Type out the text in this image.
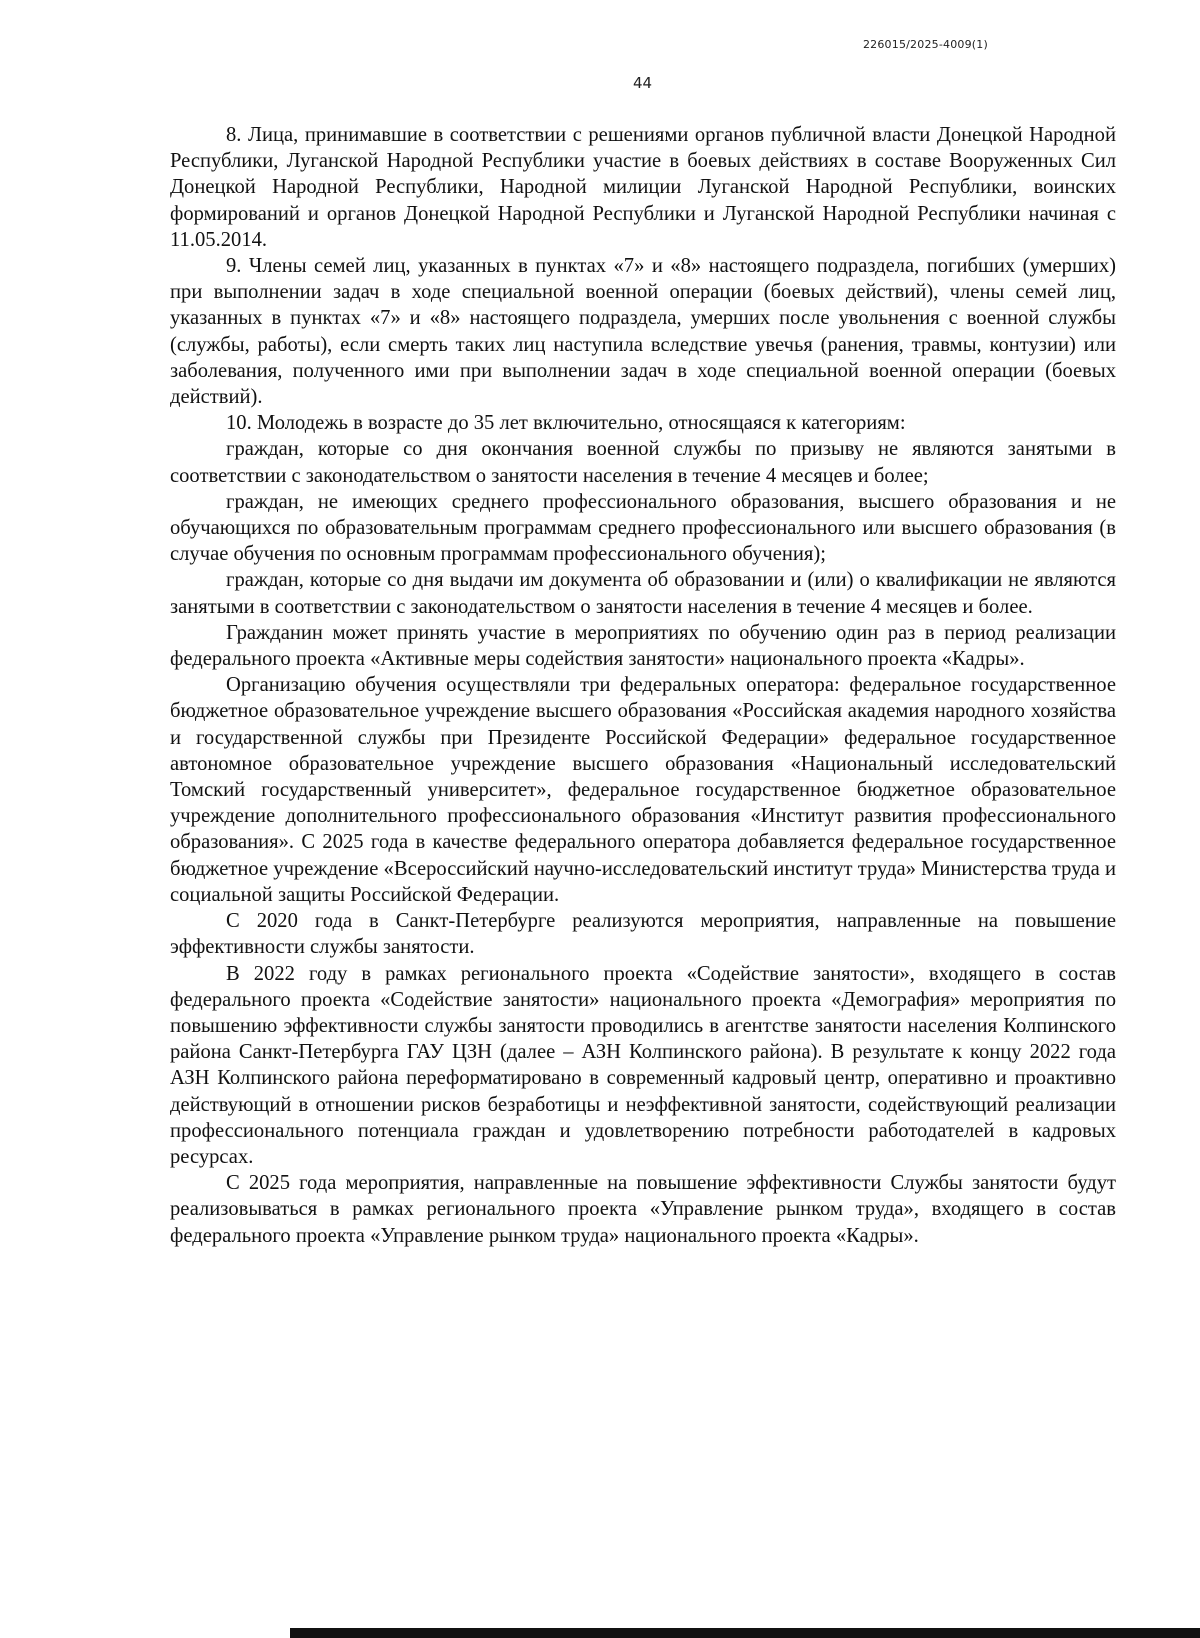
226015/2025-4009(1)
44

8. Лица, принимавшие в соответствии с решениями органов публичной власти Донецкой Народной Республики, Луганской Народной Республики участие в боевых действиях в составе Вооруженных Сил Донецкой Народной Республики, Народной милиции Луганской Народной Республики, воинских формирований и органов Донецкой Народной Республики и Луганской Народной Республики начиная с 11.05.2014.

9. Члены семей лиц, указанных в пунктах «7» и «8» настоящего подраздела, погибших (умерших) при выполнении задач в ходе специальной военной операции (боевых действий), члены семей лиц, указанных в пунктах «7» и «8» настоящего подраздела, умерших после увольнения с военной службы (службы, работы), если смерть таких лиц наступила вследствие увечья (ранения, травмы, контузии) или заболевания, полученного ими при выполнении задач в ходе специальной военной операции (боевых действий).

10. Молодежь в возрасте до 35 лет включительно, относящаяся к категориям:

граждан, которые со дня окончания военной службы по призыву не являются занятыми в соответствии с законодательством о занятости населения в течение 4 месяцев и более;

граждан, не имеющих среднего профессионального образования, высшего образования и не обучающихся по образовательным программам среднего профессионального или высшего образования (в случае обучения по основным программам профессионального обучения);

граждан, которые со дня выдачи им документа об образовании и (или) о квалификации не являются занятыми в соответствии с законодательством о занятости населения в течение 4 месяцев и более.

Гражданин может принять участие в мероприятиях по обучению один раз в период реализации федерального проекта «Активные меры содействия занятости» национального проекта «Кадры».

Организацию обучения осуществляли три федеральных оператора: федеральное государственное бюджетное образовательное учреждение высшего образования «Российская академия народного хозяйства и государственной службы при Президенте Российской Федерации» федеральное государственное автономное образовательное учреждение высшего образования «Национальный исследовательский Томский государственный университет», федеральное государственное бюджетное образовательное учреждение дополнительного профессионального образования «Институт развития профессионального образования». С 2025 года в качестве федерального оператора добавляется федеральное государственное бюджетное учреждение «Всероссийский научно-исследовательский институт труда» Министерства труда и социальной защиты Российской Федерации.

С 2020 года в Санкт-Петербурге реализуются мероприятия, направленные на повышение эффективности службы занятости.

В 2022 году в рамках регионального проекта «Содействие занятости», входящего в состав федерального проекта «Содействие занятости» национального проекта «Демография» мероприятия по повышению эффективности службы занятости проводились в агентстве занятости населения Колпинского района Санкт-Петербурга ГАУ ЦЗН (далее – АЗН Колпинского района). В результате к концу 2022 года АЗН Колпинского района переформатировано в современный кадровый центр, оперативно и проактивно действующий в отношении рисков безработицы и неэффективной занятости, содействующий реализации профессионального потенциала граждан и удовлетворению потребности работодателей в кадровых ресурсах.

С 2025 года мероприятия, направленные на повышение эффективности Службы занятости будут реализовываться в рамках регионального проекта «Управление рынком труда», входящего в состав федерального проекта «Управление рынком труда» национального проекта «Кадры».
